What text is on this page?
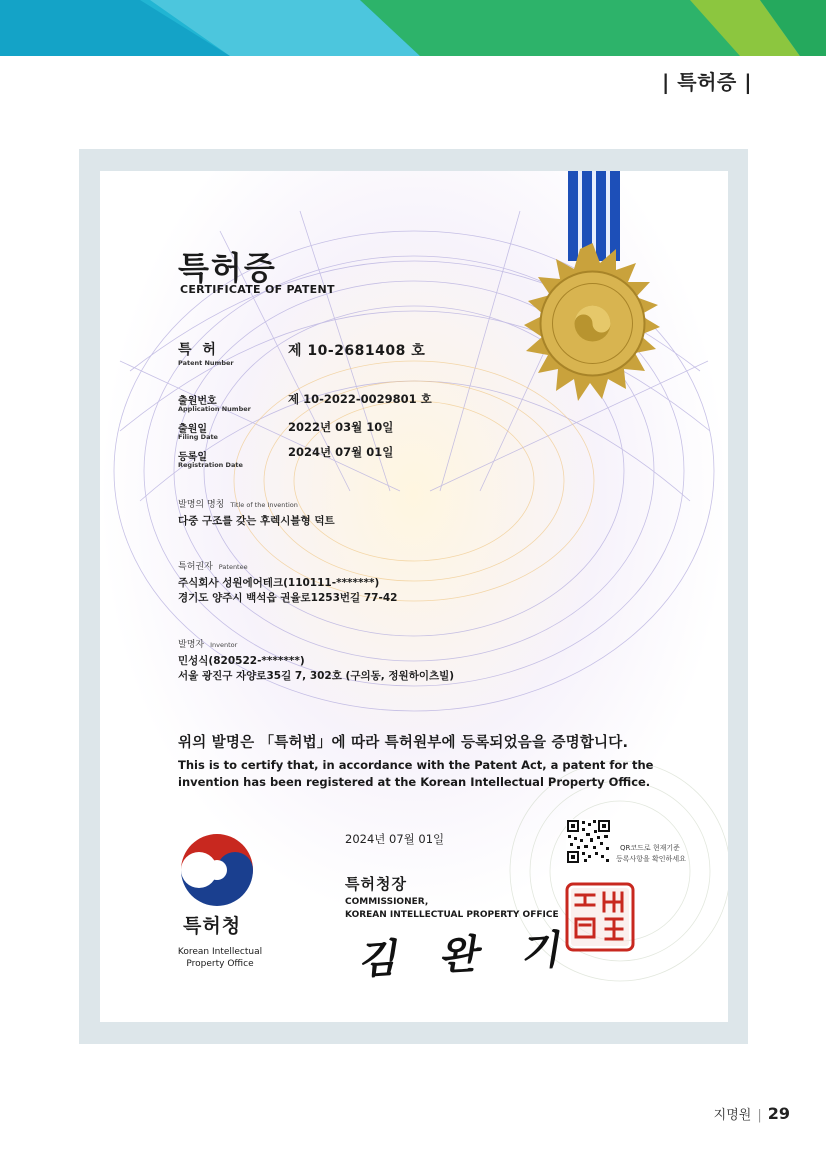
| 특허증 |
특허증
CERTIFICATE OF PATENT
특 허
Patent Number
제 10-2681408 호
출원번호
Application Number
제 10-2022-0029801 호
출원일
Filing Date
2022년 03월 10일
등록일
Registration Date
2024년 07월 01일
발명의 명칭 Title of the Invention
다중 구조를 갖는 후렉시블형 덕트
특허권자 Patentee
주식회사 성원에어테크(110111-*******)
경기도 양주시 백석읍 권율로1253번길 77-42
발명자 Inventor
민성식(820522-*******)
서울 광진구 자양로35길 7, 302호 (구의동, 정원하이츠빌)
위의 발명은 「특허법」에 따라 특허원부에 등록되었음을 증명합니다.
This is to certify that, in accordance with the Patent Act, a patent for the
invention has been registered at the Korean Intellectual Property Office.
2024년 07월 01일
QR코드로 현재기준
등록사항을 확인하세요
특허청장
COMMISSIONER,
KOREAN INTELLECTUAL PROPERTY OFFICE
김 완 기
특허청
Korean Intellectual
Property Office
지명원 | 29
